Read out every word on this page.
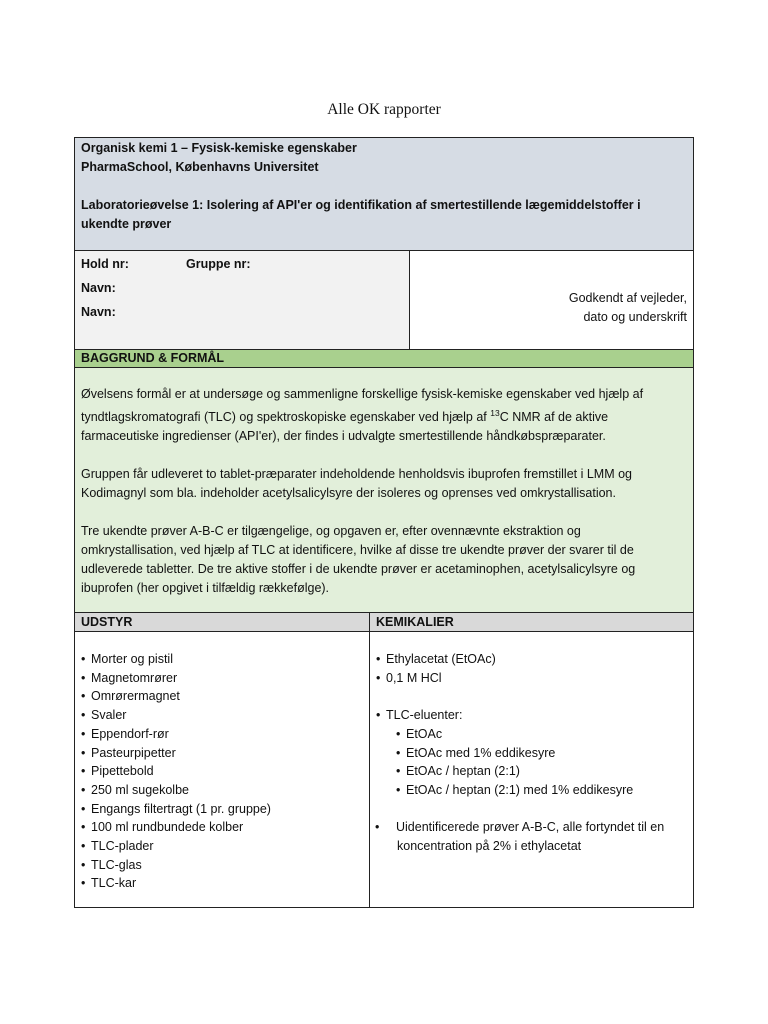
Alle OK rapporter
Organisk kemi 1 – Fysisk-kemiske egenskaber
PharmaSchool, Københavns Universitet
Laboratorieøvelse 1: Isolering af API'er og identifikation af smertestillende lægemiddelstoffer i
ukendte prøver
Hold nr:	Gruppe nr:
Navn:
Navn:
Godkendt af vejleder,
dato og underskrift
BAGGRUND & FORMÅL

Øvelsens formål er at undersøge og sammenligne forskellige fysisk-kemiske egenskaber ved hjælp af
tyndtlagskromatografi (TLC) og spektroskopiske egenskaber ved hjælp af $^{13}$C NMR af de aktive
farmaceutiske ingredienser (API'er), der findes i udvalgte smertestillende håndkøbspræparater.

Gruppen får udleveret to tablet-præparater indeholdende henholdsvis ibuprofen fremstillet i LMM og
Kodimagnyl som bla. indeholder acetylsalicylsyre der isoleres og oprenses ved omkrystallisation.

Tre ukendte prøver A-B-C er tilgængelige, og opgaven er, efter ovennævnte ekstraktion og
omkrystallisation, ved hjælp af TLC at identificere, hvilke af disse tre ukendte prøver der svarer til de
udleverede tabletter. De tre aktive stoffer i de ukendte prøver er acetaminophen, acetylsalicylsyre og
ibuprofen (her opgivet i tilfældig rækkefølge).

UDSTYR	KEMIKALIER
• Morter og pistil
• Magnetomrører
• Omrørermagnet
• Svaler
• Eppendorf-rør
• Pasteurpipetter
• Pipettebold
• 250 ml sugekolbe
• Engangs filtertragt (1 pr. gruppe)
• 100 ml rundbundede kolber
• TLC-plader
• TLC-glas
• TLC-kar
• Ethylacetat (EtOAc)
• 0,1 M HCl
• TLC-eluenter:
• EtOAc
• EtOAc med 1% eddikesyre
• EtOAc / heptan (2:1)
• EtOAc / heptan (2:1) med 1% eddikesyre
• Uidentificerede prøver A-B-C, alle fortyndet til en
koncentration på 2% i ethylacetat
